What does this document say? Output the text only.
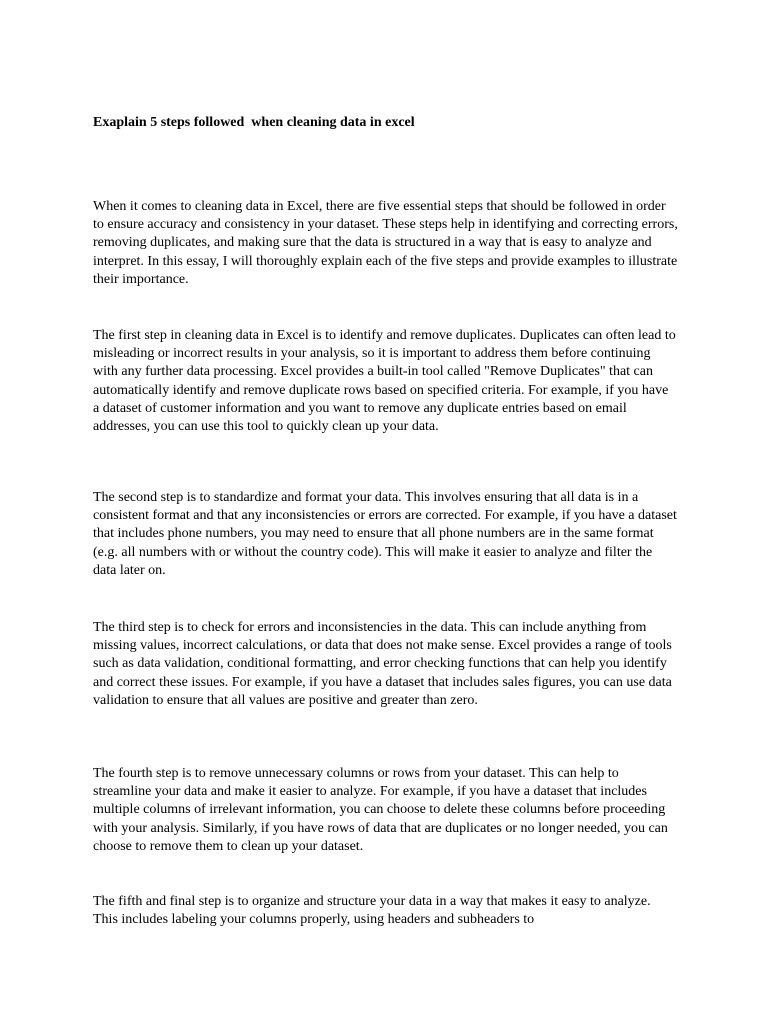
Exaplain 5 steps followed  when cleaning data in excel

When it comes to cleaning data in Excel, there are five essential steps that should be followed in order to ensure accuracy and consistency in your dataset. These steps help in identifying and correcting errors, removing duplicates, and making sure that the data is structured in a way that is easy to analyze and interpret. In this essay, I will thoroughly explain each of the five steps and provide examples to illustrate their importance.

The first step in cleaning data in Excel is to identify and remove duplicates. Duplicates can often lead to misleading or incorrect results in your analysis, so it is important to address them before continuing with any further data processing. Excel provides a built-in tool called "Remove Duplicates" that can automatically identify and remove duplicate rows based on specified criteria. For example, if you have a dataset of customer information and you want to remove any duplicate entries based on email addresses, you can use this tool to quickly clean up your data.

The second step is to standardize and format your data. This involves ensuring that all data is in a consistent format and that any inconsistencies or errors are corrected. For example, if you have a dataset that includes phone numbers, you may need to ensure that all phone numbers are in the same format (e.g. all numbers with or without the country code). This will make it easier to analyze and filter the data later on.

The third step is to check for errors and inconsistencies in the data. This can include anything from missing values, incorrect calculations, or data that does not make sense. Excel provides a range of tools such as data validation, conditional formatting, and error checking functions that can help you identify and correct these issues. For example, if you have a dataset that includes sales figures, you can use data validation to ensure that all values are positive and greater than zero.

The fourth step is to remove unnecessary columns or rows from your dataset. This can help to streamline your data and make it easier to analyze. For example, if you have a dataset that includes multiple columns of irrelevant information, you can choose to delete these columns before proceeding with your analysis. Similarly, if you have rows of data that are duplicates or no longer needed, you can choose to remove them to clean up your dataset.

The fifth and final step is to organize and structure your data in a way that makes it easy to analyze. This includes labeling your columns properly, using headers and subheaders to
